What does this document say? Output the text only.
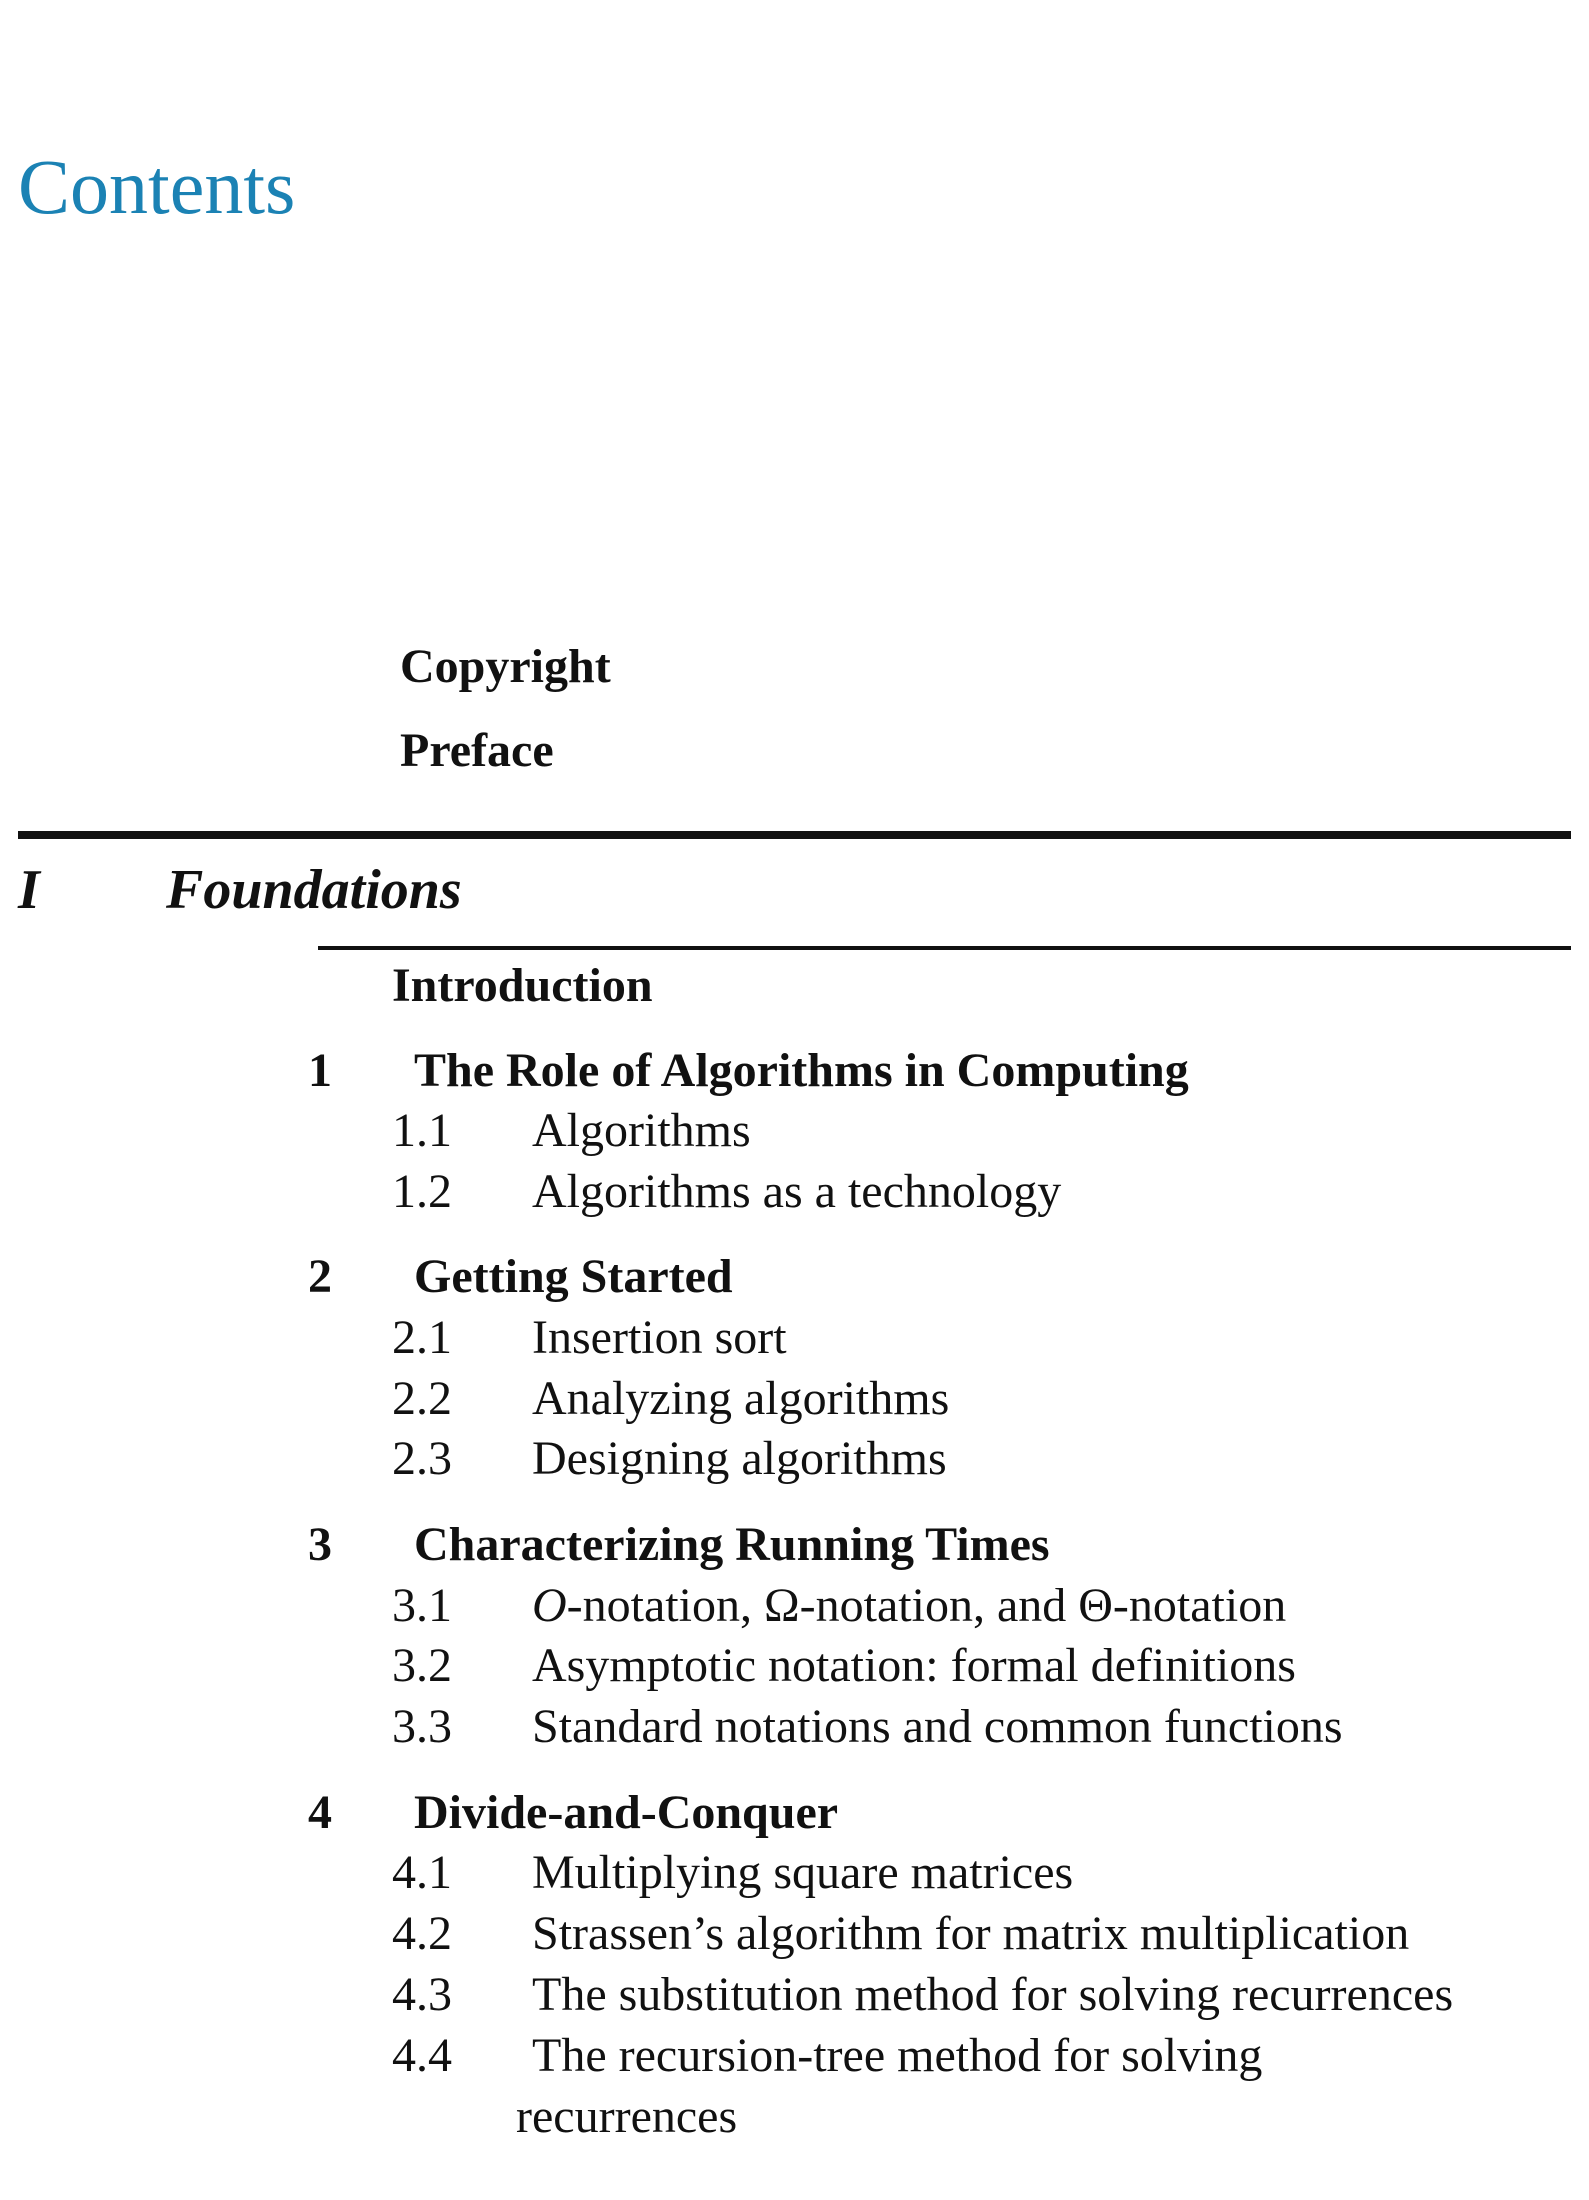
Contents
Copyright
Preface
I Foundations
Introduction
1 The Role of Algorithms in Computing
1.1 Algorithms
1.2 Algorithms as a technology
2 Getting Started
2.1 Insertion sort
2.2 Analyzing algorithms
2.3 Designing algorithms
3 Characterizing Running Times
3.1 O-notation, Ω-notation, and Θ-notation
3.2 Asymptotic notation: formal definitions
3.3 Standard notations and common functions
4 Divide-and-Conquer
4.1 Multiplying square matrices
4.2 Strassen’s algorithm for matrix multiplication
4.3 The substitution method for solving recurrences
4.4 The recursion-tree method for solving
recurrences
